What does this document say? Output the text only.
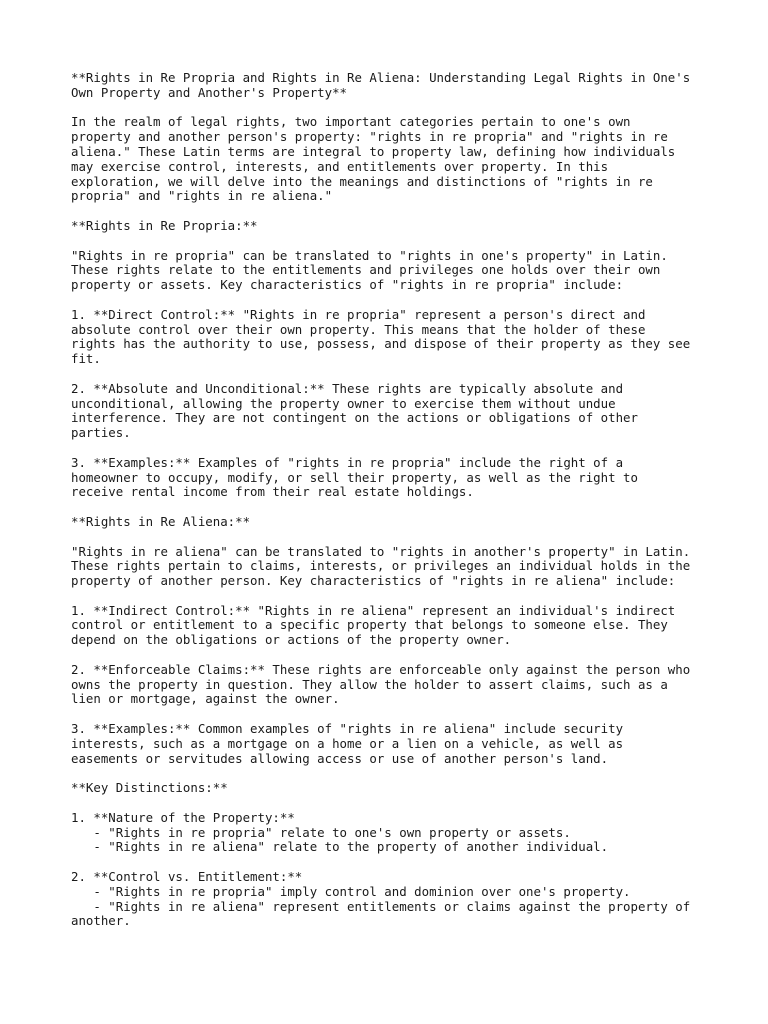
**Rights in Re Propria and Rights in Re Aliena: Understanding Legal Rights in One's
Own Property and Another's Property**

In the realm of legal rights, two important categories pertain to one's own
property and another person's property: "rights in re propria" and "rights in re
aliena." These Latin terms are integral to property law, defining how individuals
may exercise control, interests, and entitlements over property. In this
exploration, we will delve into the meanings and distinctions of "rights in re
propria" and "rights in re aliena."

**Rights in Re Propria:**

"Rights in re propria" can be translated to "rights in one's property" in Latin.
These rights relate to the entitlements and privileges one holds over their own
property or assets. Key characteristics of "rights in re propria" include:

1. **Direct Control:** "Rights in re propria" represent a person's direct and
absolute control over their own property. This means that the holder of these
rights has the authority to use, possess, and dispose of their property as they see
fit.

2. **Absolute and Unconditional:** These rights are typically absolute and
unconditional, allowing the property owner to exercise them without undue
interference. They are not contingent on the actions or obligations of other
parties.

3. **Examples:** Examples of "rights in re propria" include the right of a
homeowner to occupy, modify, or sell their property, as well as the right to
receive rental income from their real estate holdings.

**Rights in Re Aliena:**

"Rights in re aliena" can be translated to "rights in another's property" in Latin.
These rights pertain to claims, interests, or privileges an individual holds in the
property of another person. Key characteristics of "rights in re aliena" include:

1. **Indirect Control:** "Rights in re aliena" represent an individual's indirect
control or entitlement to a specific property that belongs to someone else. They
depend on the obligations or actions of the property owner.

2. **Enforceable Claims:** These rights are enforceable only against the person who
owns the property in question. They allow the holder to assert claims, such as a
lien or mortgage, against the owner.

3. **Examples:** Common examples of "rights in re aliena" include security
interests, such as a mortgage on a home or a lien on a vehicle, as well as
easements or servitudes allowing access or use of another person's land.

**Key Distinctions:**

1. **Nature of the Property:**
- "Rights in re propria" relate to one's own property or assets.
- "Rights in re aliena" relate to the property of another individual.

2. **Control vs. Entitlement:**
- "Rights in re propria" imply control and dominion over one's property.
- "Rights in re aliena" represent entitlements or claims against the property of
another.
